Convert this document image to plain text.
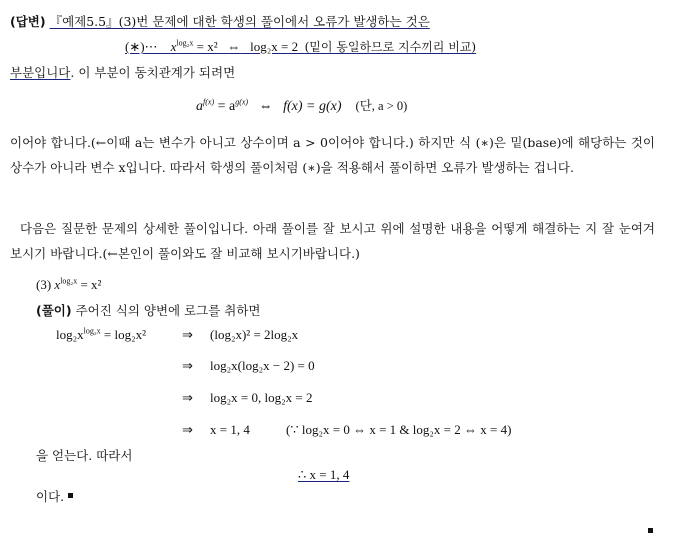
(답변) 『예제5.5』(3)번 문제에 대한 학생의 풀이에서 오류가 발생하는 것은
(∗)⋯ $x^{log_2x} = x^2$ ⇔ log₂x = 2 (밑이 동일하므로 지수끼리 비교)
부분입니다. 이 부분이 동치관계가 되려면
$a^{f(x)} = a^{g(x)}$ ⇔ f(x) = g(x) (단, a > 0)
이어야 합니다.(←이때 a는 변수가 아니고 상수이며 a > 0이어야 합니다.) 하지만 식 (∗)은 밑(base)에 해당하는 것이 상수가 아니라 변수 x입니다. 따라서 학생의 풀이처럼 (∗)을 적용해서 풀이하면 오류가 발생하는 겁니다.
다음은 질문한 문제의 상세한 풀이입니다. 아래 풀이를 잘 보시고 위에 설명한 내용을 어떻게 해결하는 지 잘 눈여겨 보시기 바랍니다.(←본인이 풀이와도 잘 비교해 보시기바랍니다.)
(3) $x^{log_2x} = x^2$
(풀이) 주어진 식의 양변에 로그를 취하면
$\log_2x^{log_2x} = \log_2x^2$	⇒ (log₂x)² = 2log₂x
⇒ log₂x(log₂x − 2) = 0
⇒ log₂x = 0, log₂x = 2
⇒ x = 1, 4	(∵ log₂x = 0 ⇔ x = 1 & log₂x = 2 ⇔ x = 4)
을 얻는다. 따라서
∴ x = 1, 4
이다.
